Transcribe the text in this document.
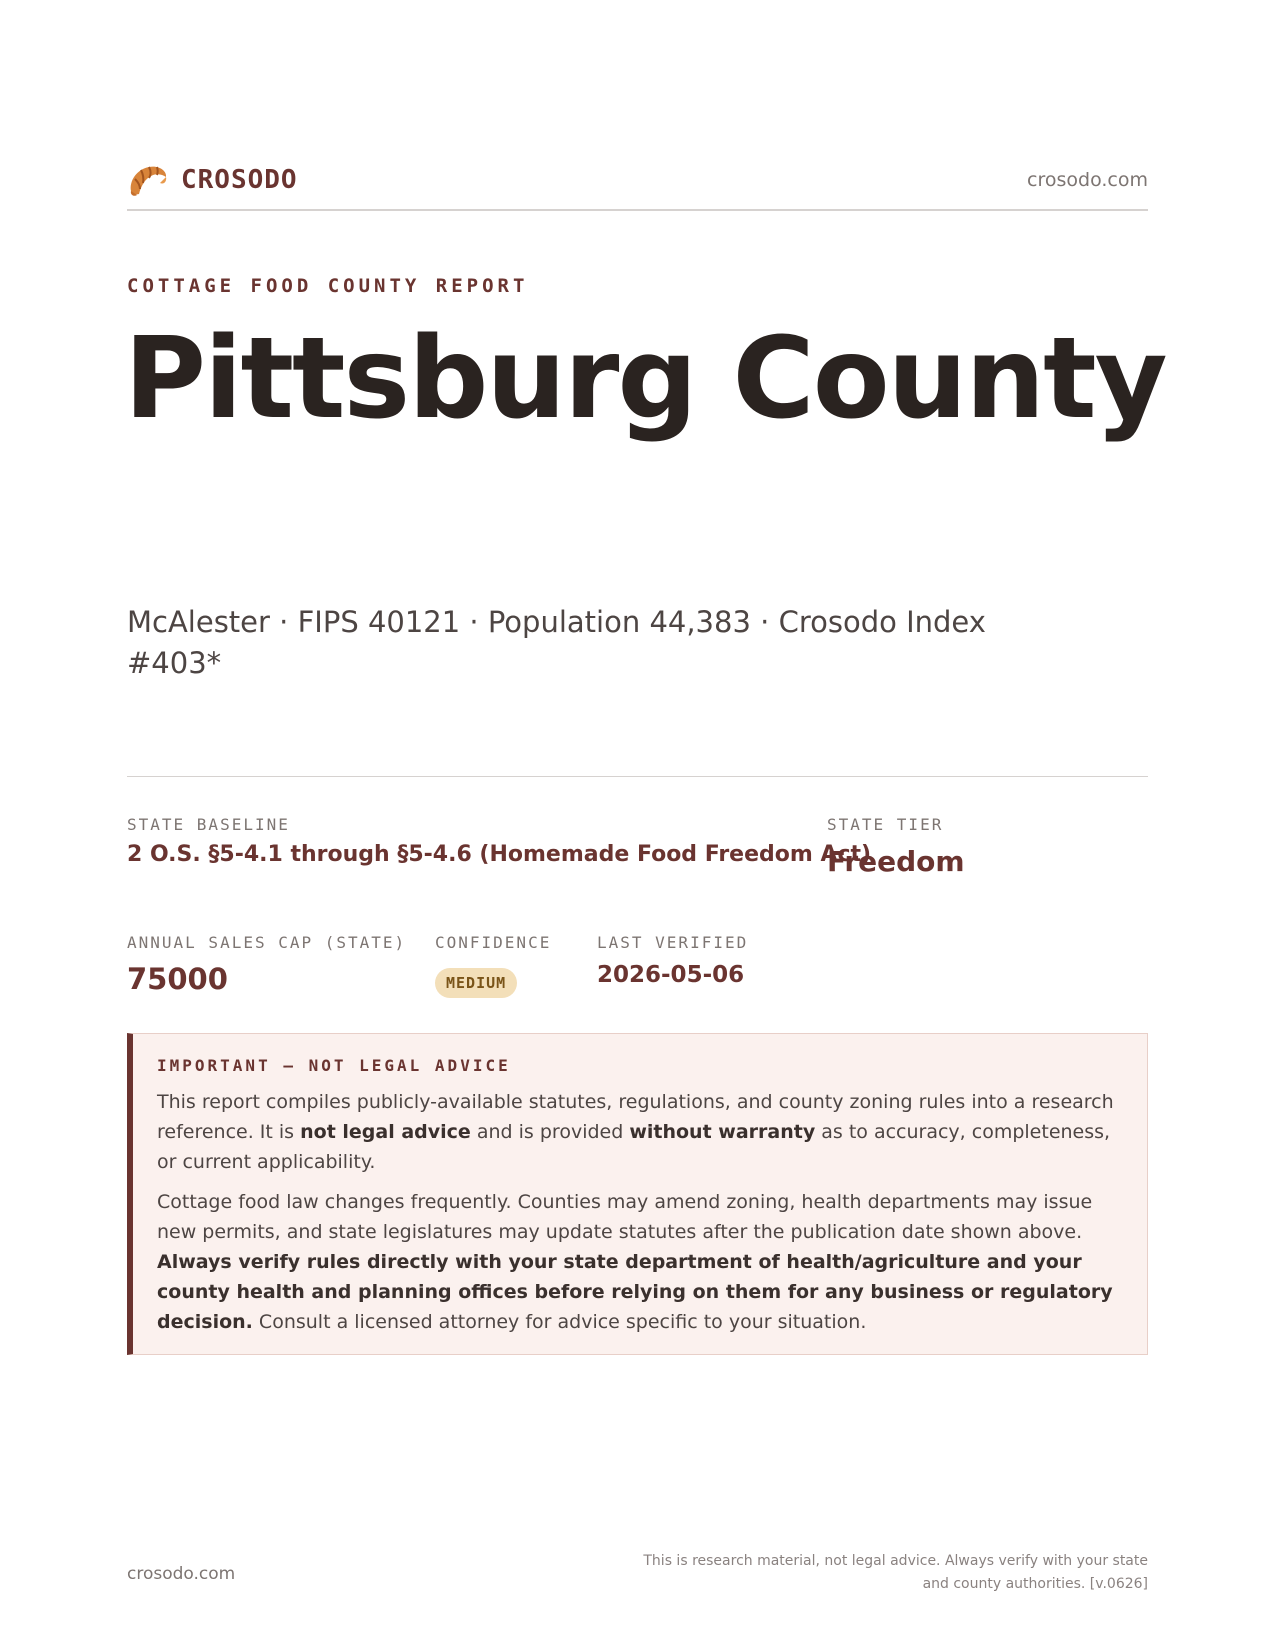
CROSODO	crosodo.com
COTTAGE FOOD COUNTY REPORT
Pittsburg County
McAlester · FIPS 40121 · Population 44,383 · Crosodo Index #403*
STATE BASELINE
2 O.S. §5-4.1 through §5-4.6 (Homemade Food Freedom Act)
STATE TIER
Freedom
ANNUAL SALES CAP (STATE)
75000
CONFIDENCE
MEDIUM
LAST VERIFIED
2026-05-06
IMPORTANT — NOT LEGAL ADVICE

This report compiles publicly-available statutes, regulations, and county zoning rules into a research reference. It is not legal advice and is provided without warranty as to accuracy, completeness, or current applicability.

Cottage food law changes frequently. Counties may amend zoning, health departments may issue new permits, and state legislatures may update statutes after the publication date shown above. Always verify rules directly with your state department of health/agriculture and your county health and planning offices before relying on them for any business or regulatory decision. Consult a licensed attorney for advice specific to your situation.

crosodo.com
This is research material, not legal advice. Always verify with your state
and county authorities. [v.0626]
